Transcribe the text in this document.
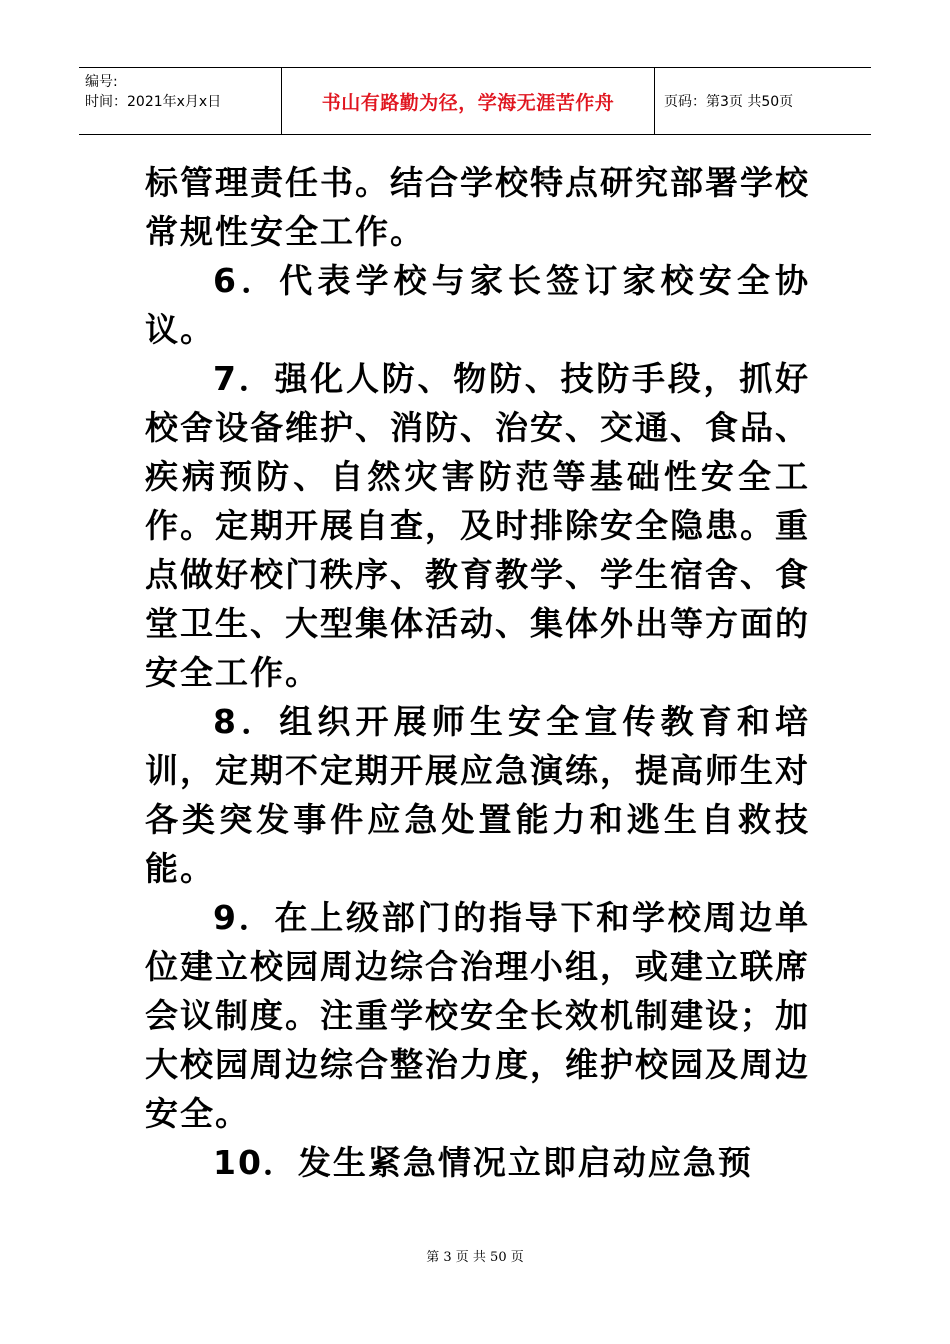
编号:
时间：2021年x月x日	书山有路勤为径，学海无涯苦作舟	页码：第3页 共50页

标管理责任书。结合学校特点研究部署学校常规性安全工作。

6．代表学校与家长签订家校安全协议。

7．强化人防、物防、技防手段，抓好校舍设备维护、消防、治安、交通、食品、疾病预防、自然灾害防范等基础性安全工作。定期开展自查，及时排除安全隐患。重点做好校门秩序、教育教学、学生宿舍、食堂卫生、大型集体活动、集体外出等方面的安全工作。

8．组织开展师生安全宣传教育和培训，定期不定期开展应急演练，提高师生对各类突发事件应急处置能力和逃生自救技能。

9．在上级部门的指导下和学校周边单位建立校园周边综合治理小组，或建立联席会议制度。注重学校安全长效机制建设；加大校园周边综合整治力度，维护校园及周边安全。

10．发生紧急情况立即启动应急预

第 3 页 共 50 页
